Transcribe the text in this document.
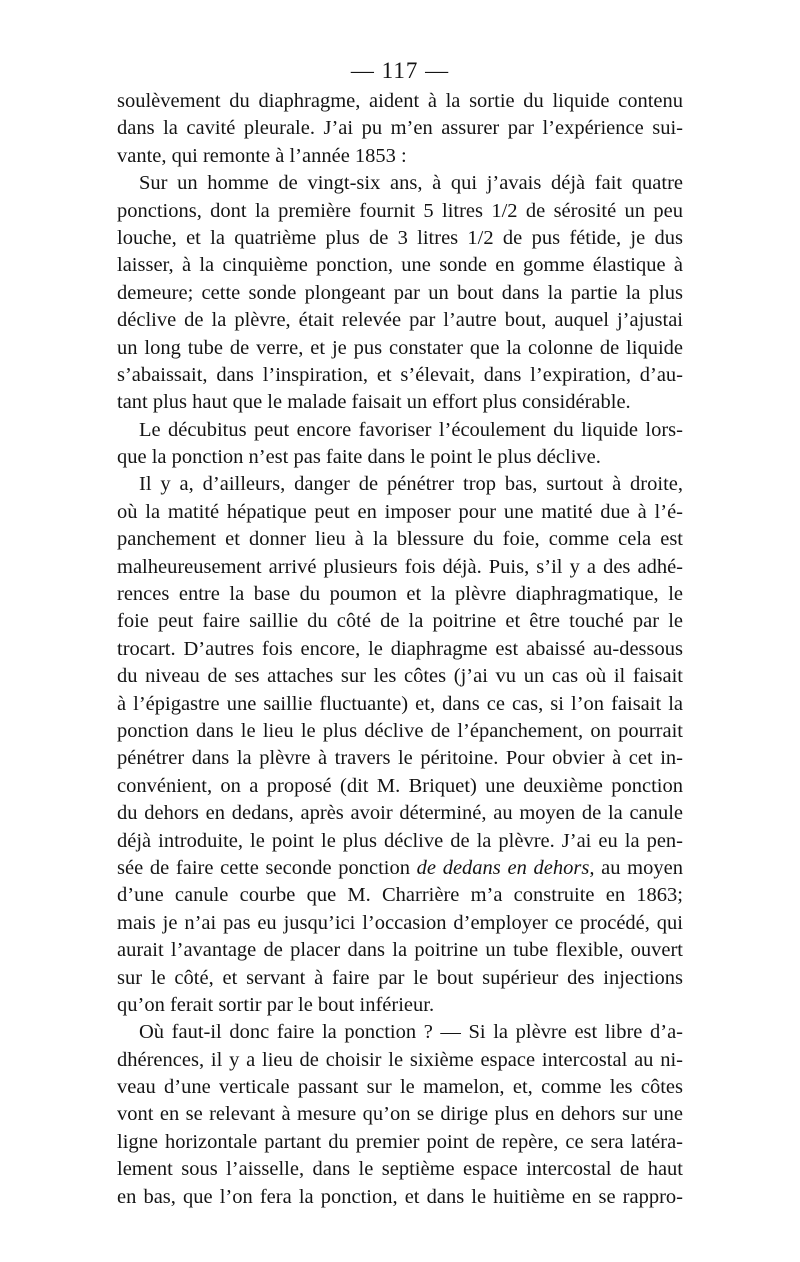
— 117 —
soulèvement du diaphragme, aident à la sortie du liquide contenu
dans la cavité pleurale. J’ai pu m’en assurer par l’expérience sui-
vante, qui remonte à l’année 1853 :
Sur un homme de vingt-six ans, à qui j’avais déjà fait quatre
ponctions, dont la première fournit 5 litres 1/2 de sérosité un peu
louche, et la quatrième plus de 3 litres 1/2 de pus fétide, je dus
laisser, à la cinquième ponction, une sonde en gomme élastique à
demeure; cette sonde plongeant par un bout dans la partie la plus
déclive de la plèvre, était relevée par l’autre bout, auquel j’ajustai
un long tube de verre, et je pus constater que la colonne de liquide
s’abaissait, dans l’inspiration, et s’élevait, dans l’expiration, d’au-
tant plus haut que le malade faisait un effort plus considérable.
Le décubitus peut encore favoriser l’écoulement du liquide lors-
que la ponction n’est pas faite dans le point le plus déclive.
Il y a, d’ailleurs, danger de pénétrer trop bas, surtout à droite,
où la matité hépatique peut en imposer pour une matité due à l’é-
panchement et donner lieu à la blessure du foie, comme cela est
malheureusement arrivé plusieurs fois déjà. Puis, s’il y a des adhé-
rences entre la base du poumon et la plèvre diaphragmatique, le
foie peut faire saillie du côté de la poitrine et être touché par le
trocart. D’autres fois encore, le diaphragme est abaissé au-dessous
du niveau de ses attaches sur les côtes (j’ai vu un cas où il faisait
à l’épigastre une saillie fluctuante) et, dans ce cas, si l’on faisait la
ponction dans le lieu le plus déclive de l’épanchement, on pourrait
pénétrer dans la plèvre à travers le péritoine. Pour obvier à cet in-
convénient, on a proposé (dit M. Briquet) une deuxième ponction
du dehors en dedans, après avoir déterminé, au moyen de la canule
déjà introduite, le point le plus déclive de la plèvre. J’ai eu la pen-
sée de faire cette seconde ponction de dedans en dehors, au moyen
d’une canule courbe que M. Charrière m’a construite en 1863;
mais je n’ai pas eu jusqu’ici l’occasion d’employer ce procédé, qui
aurait l’avantage de placer dans la poitrine un tube flexible, ouvert
sur le côté, et servant à faire par le bout supérieur des injections
qu’on ferait sortir par le bout inférieur.
Où faut-il donc faire la ponction ? — Si la plèvre est libre d’a-
dhérences, il y a lieu de choisir le sixième espace intercostal au ni-
veau d’une verticale passant sur le mamelon, et, comme les côtes
vont en se relevant à mesure qu’on se dirige plus en dehors sur une
ligne horizontale partant du premier point de repère, ce sera latéra-
lement sous l’aisselle, dans le septième espace intercostal de haut
en bas, que l’on fera la ponction, et dans le huitième en se rappro-
